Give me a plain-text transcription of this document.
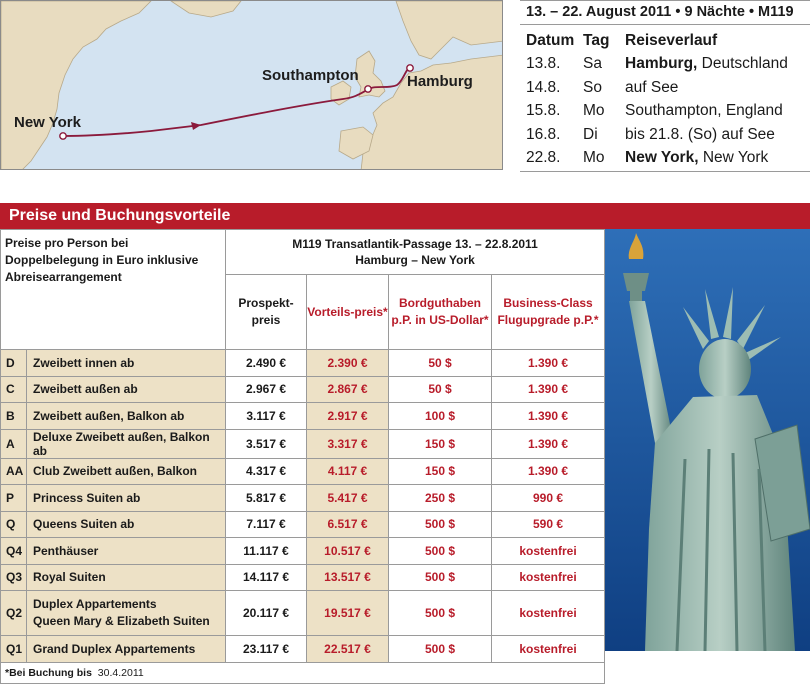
Hamburg
Southampton
New York
13. – 22. August 2011 • 9 Nächte • M119
Datum	Tag	Reiseverlauf
13.8.	Sa	Hamburg, Deutschland
14.8.	So	auf See
15.8.	Mo	Southampton, England
16.8.	Di	bis 21.8. (So) auf See
22.8.	Mo	New York, New York
Preise und Buchungsvorteile
Preise pro Person bei Doppelbelegung in Euro inklusive Abreisearrangement		M119 Transatlantik-Passage 13. – 22.8.2011
Hamburg – New York			

		Prospekt-preis	Vorteils-preis*	Bordguthaben p.P. in US-Dollar*	Business-Class Flugupgrade p.P.*
D	Zweibett innen ab	2.490 €	2.390 €	50 $	1.390 €
C	Zweibett außen ab	2.967 €	2.867 €	50 $	1.390 €
B	Zweibett außen, Balkon ab	3.117 €	2.917 €	100 $	1.390 €
A	Deluxe Zweibett außen, Balkon ab	3.517 €	3.317 €	150 $	1.390 €
AA	Club Zweibett außen, Balkon	4.317 €	4.117 €	150 $	1.390 €
P	Princess Suiten ab	5.817 €	5.417 €	250 $	990 €
Q	Queens Suiten ab	7.117 €	6.517 €	500 $	590 €
Q4	Penthäuser	11.117 €	10.517 €	500 $	kostenfrei
Q3	Royal Suiten	14.117 €	13.517 €	500 $	kostenfrei
Q2	Duplex Appartements
Queen Mary & Elizabeth Suiten	20.117 €	19.517 €	500 $	kostenfrei
Q1	Grand Duplex Appartements	23.117 €	22.517 €	500 $	kostenfrei
*Bei Buchung bis 30.4.2011					
